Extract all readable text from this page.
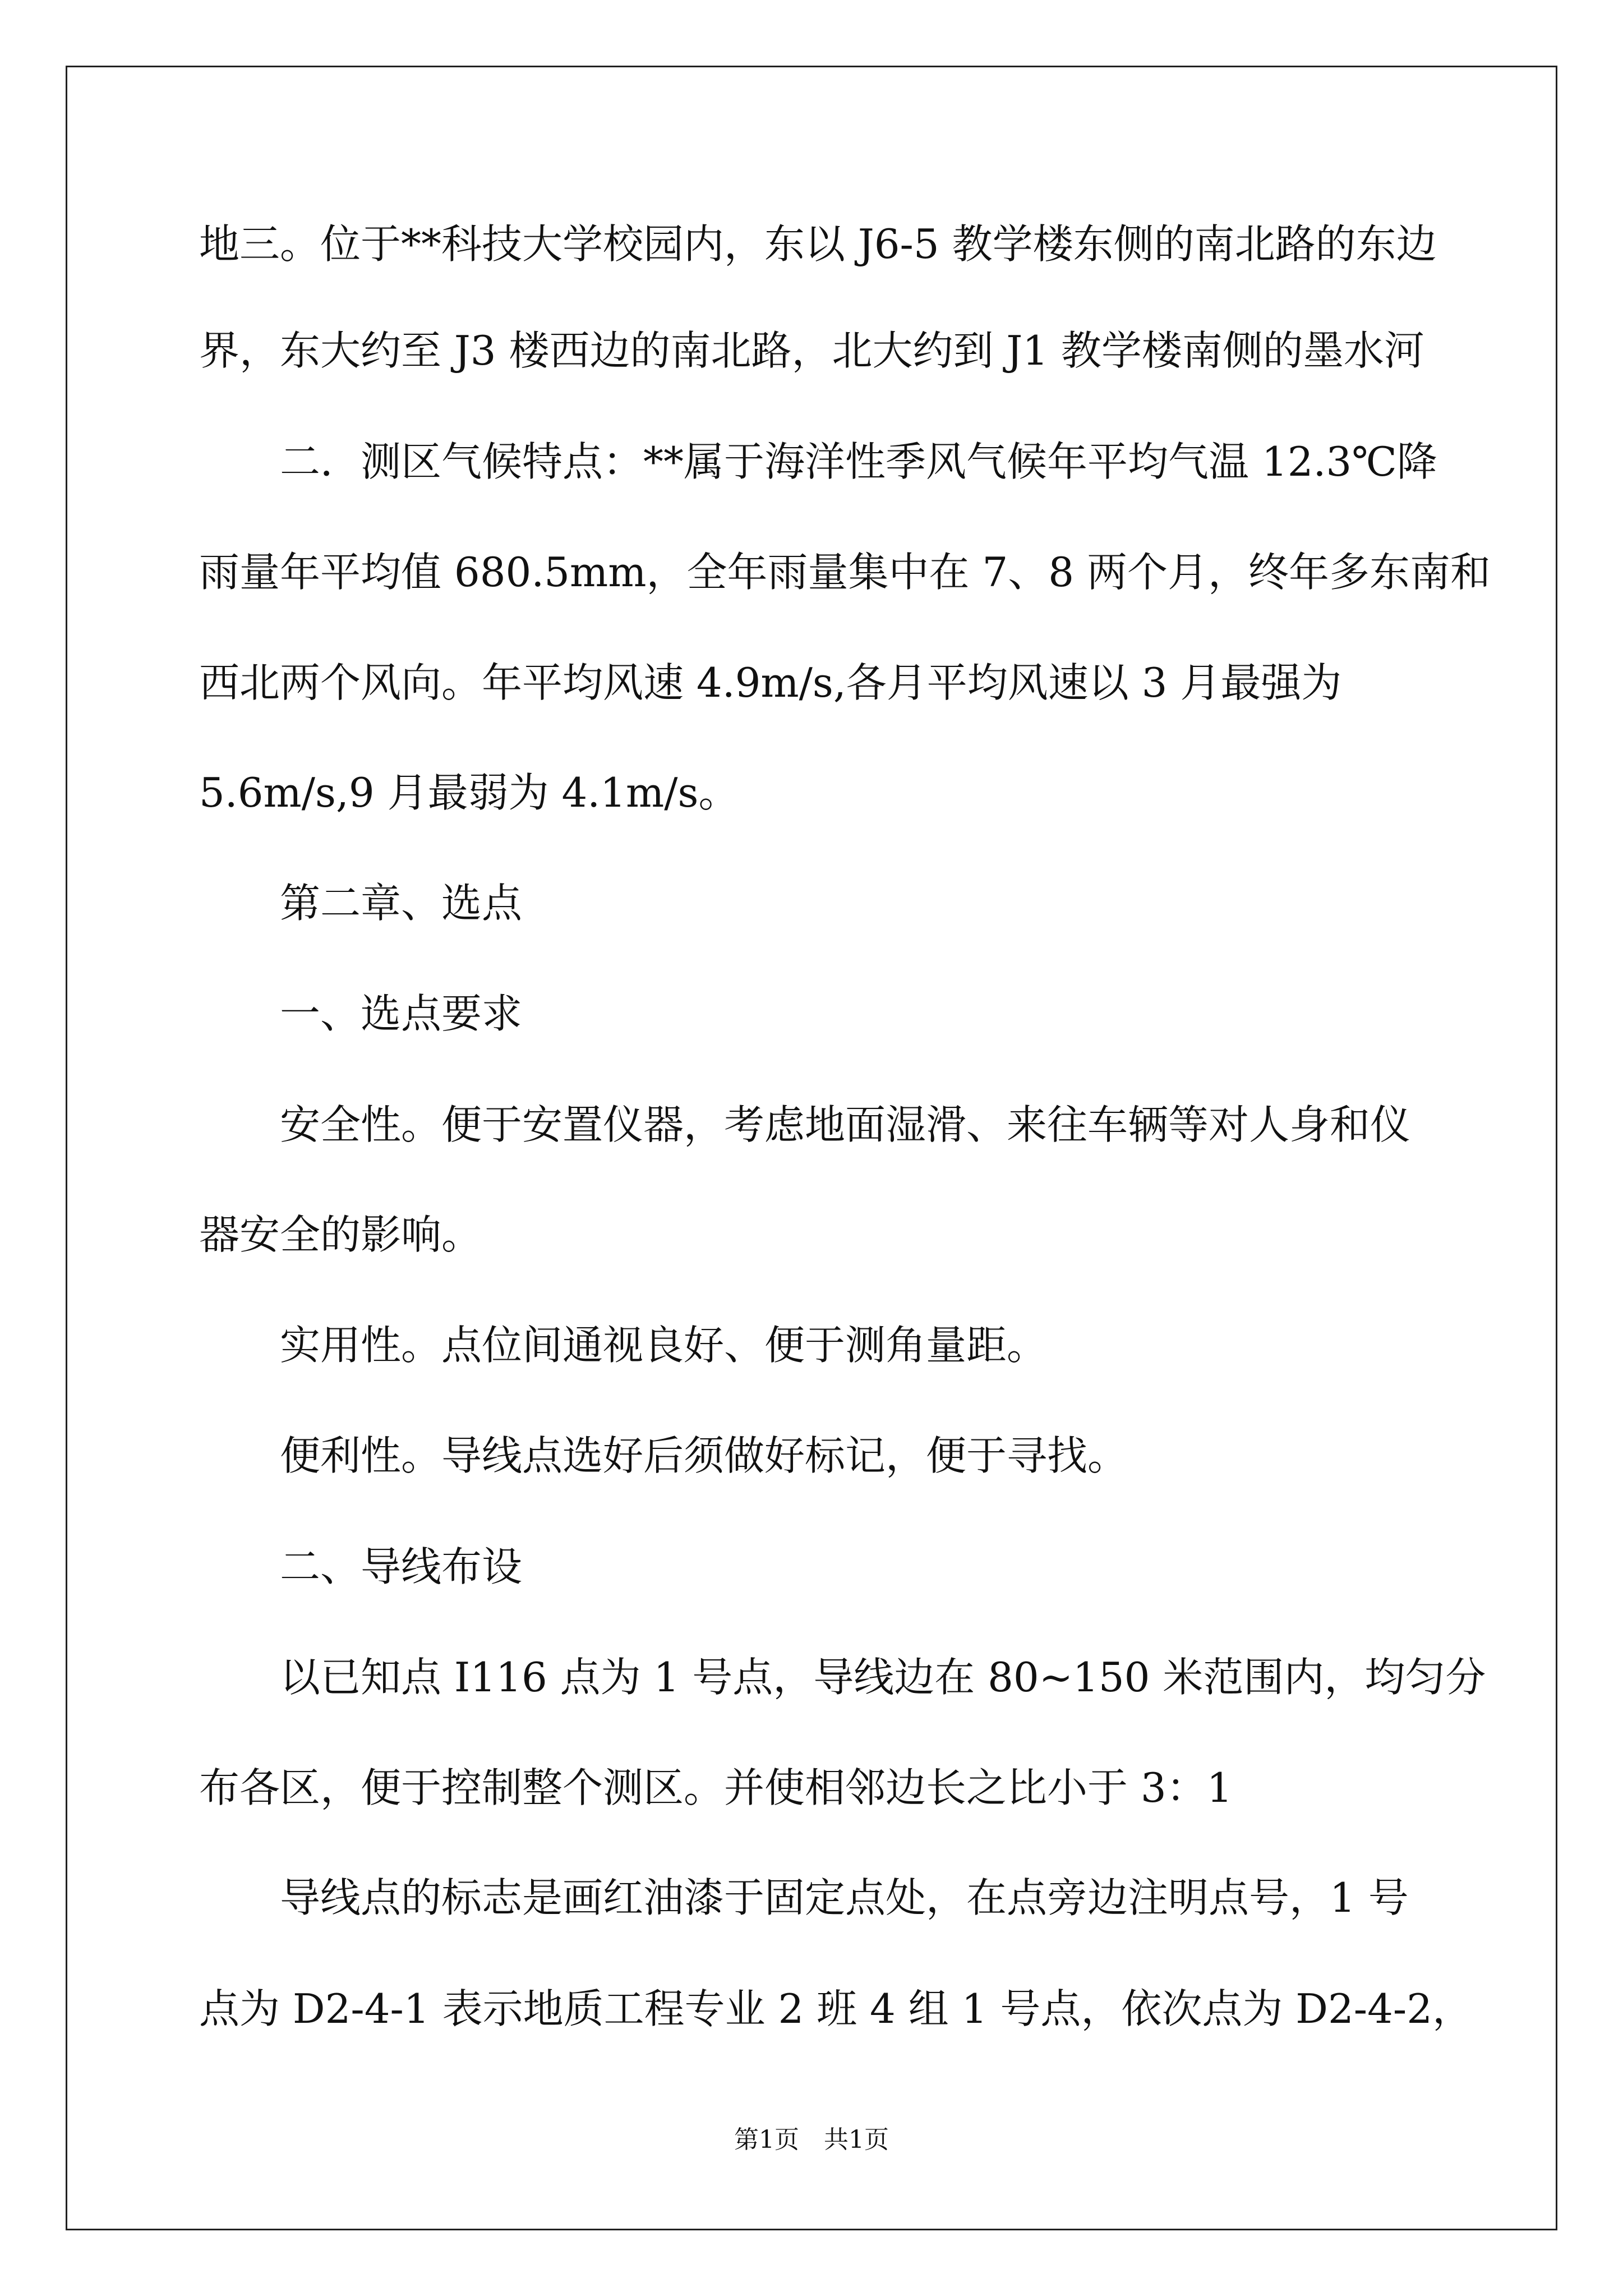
地三。位于**科技大学校园内，东以 J6-5 教学楼东侧的南北路的东边
界，东大约至 J3 楼西边的南北路，北大约到 J1 教学楼南侧的墨水河
二．测区气候特点：**属于海洋性季风气候年平均气温 12.3℃降
雨量年平均值 680.5mm，全年雨量集中在 7、8 两个月，终年多东南和
西北两个风向。年平均风速 4.9m/s,各月平均风速以 3 月最强为
5.6m/s,9 月最弱为 4.1m/s。
第二章、选点
一、选点要求
安全性。便于安置仪器，考虑地面湿滑、来往车辆等对人身和仪
器安全的影响。
实用性。点位间通视良好、便于测角量距。
便利性。导线点选好后须做好标记，便于寻找。
二、导线布设
以已知点 I116 点为 1 号点，导线边在 80~150 米范围内，均匀分
布各区，便于控制整个测区。并使相邻边长之比小于 3：1
导线点的标志是画红油漆于固定点处，在点旁边注明点号，1 号
点为 D2-4-1 表示地质工程专业 2 班 4 组 1 号点，依次点为 D2-4-2，
第1页　共1页
